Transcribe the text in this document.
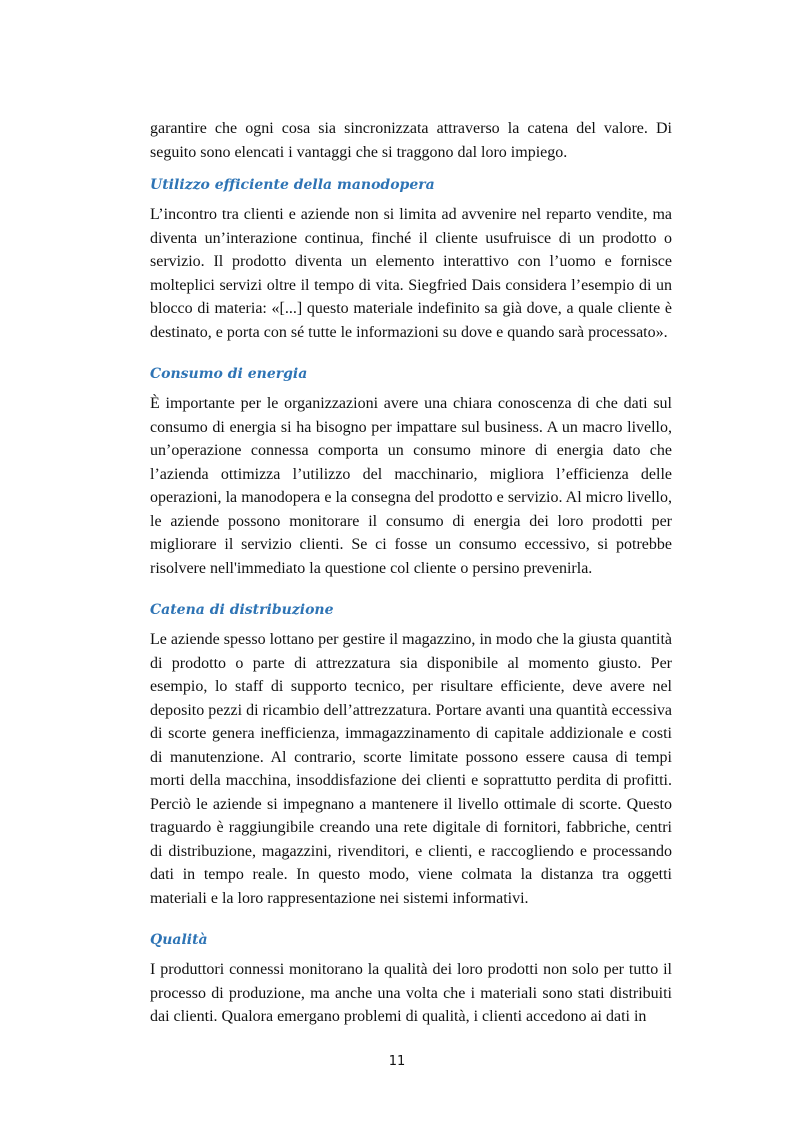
garantire che ogni cosa sia sincronizzata attraverso la catena del valore. Di seguito sono elencati i vantaggi che si traggono dal loro impiego.

Utilizzo efficiente della manodopera

L’incontro tra clienti e aziende non si limita ad avvenire nel reparto vendite, ma diventa un’interazione continua, finché il cliente usufruisce di un prodotto o servizio. Il prodotto diventa un elemento interattivo con l’uomo e fornisce molteplici servizi oltre il tempo di vita. Siegfried Dais considera l’esempio di un blocco di materia: «[...] questo materiale indefinito sa già dove, a quale cliente è destinato, e porta con sé tutte le informazioni su dove e quando sarà processato».

Consumo di energia

È importante per le organizzazioni avere una chiara conoscenza di che dati sul consumo di energia si ha bisogno per impattare sul business. A un macro livello, un’operazione connessa comporta un consumo minore di energia dato che l’azienda ottimizza l’utilizzo del macchinario, migliora l’efficienza delle operazioni, la manodopera e la consegna del prodotto e servizio. Al micro livello, le aziende possono monitorare il consumo di energia dei loro prodotti per migliorare il servizio clienti. Se ci fosse un consumo eccessivo, si potrebbe risolvere nell'immediato la questione col cliente o persino prevenirla.

Catena di distribuzione

Le aziende spesso lottano per gestire il magazzino, in modo che la giusta quantità di prodotto o parte di attrezzatura sia disponibile al momento giusto. Per esempio, lo staff di supporto tecnico, per risultare efficiente, deve avere nel deposito pezzi di ricambio dell’attrezzatura. Portare avanti una quantità eccessiva di scorte genera inefficienza, immagazzinamento di capitale addizionale e costi di manutenzione. Al contrario, scorte limitate possono essere causa di tempi morti della macchina, insoddisfazione dei clienti e soprattutto perdita di profitti. Perciò le aziende si impegnano a mantenere il livello ottimale di scorte. Questo traguardo è raggiungibile creando una rete digitale di fornitori, fabbriche, centri di distribuzione, magazzini, rivenditori, e clienti, e raccogliendo e processando dati in tempo reale. In questo modo, viene colmata la distanza tra oggetti materiali e la loro rappresentazione nei sistemi informativi.

Qualità

I produttori connessi monitorano la qualità dei loro prodotti non solo per tutto il processo di produzione, ma anche una volta che i materiali sono stati distribuiti dai clienti. Qualora emergano problemi di qualità, i clienti accedono ai dati in

11
